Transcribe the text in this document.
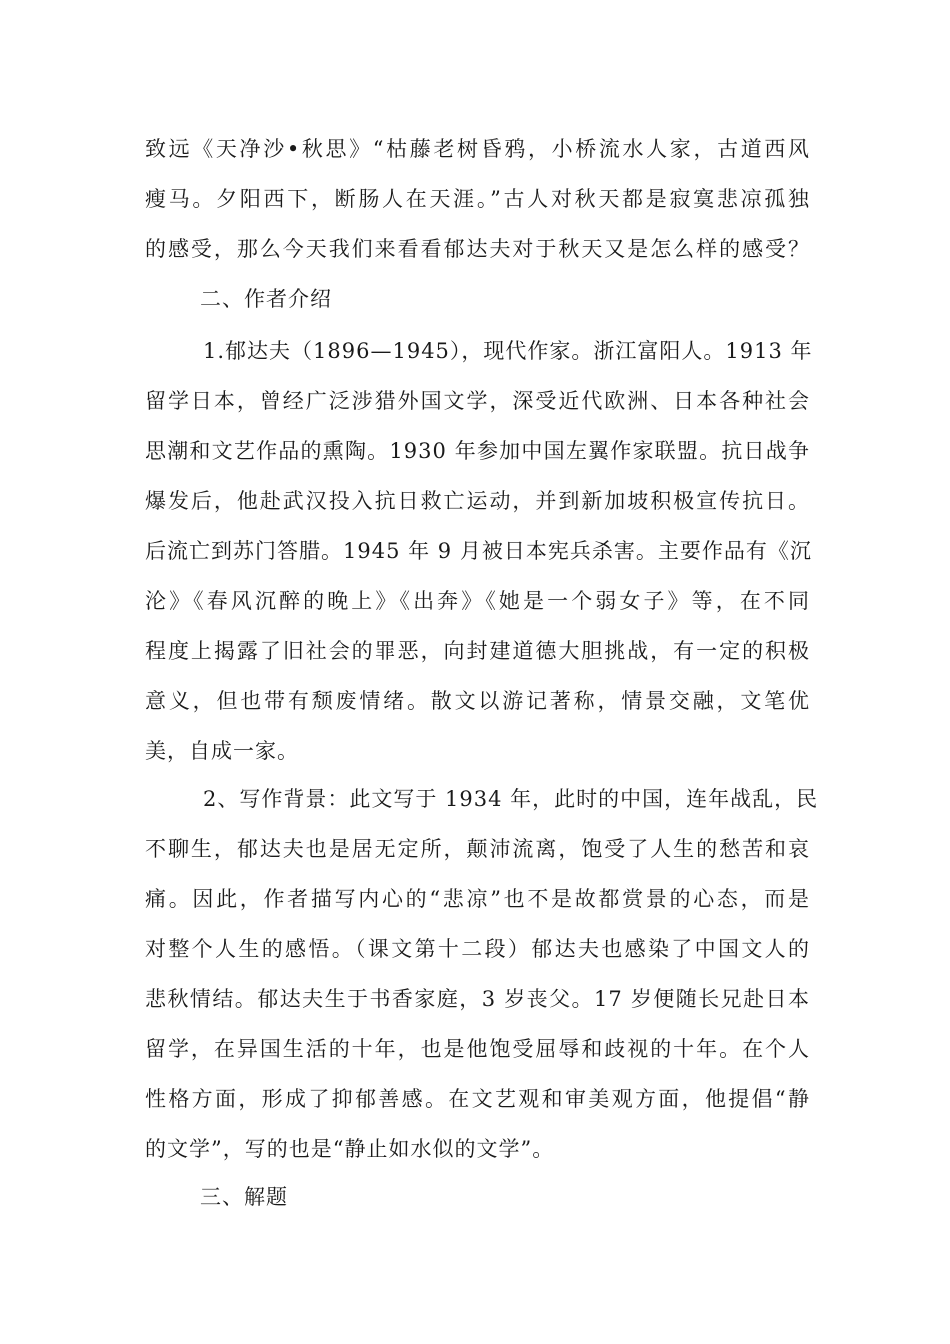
致远《天净沙•秋思》“枯藤老树昏鸦，小桥流水人家，古道西风
瘦马。夕阳西下，断肠人在天涯。”古人对秋天都是寂寞悲凉孤独
的感受，那么今天我们来看看郁达夫对于秋天又是怎么样的感受？
二、作者介绍
1.郁达夫（1896—1945），现代作家。浙江富阳人。1913 年
留学日本，曾经广泛涉猎外国文学，深受近代欧洲、日本各种社会
思潮和文艺作品的熏陶。1930 年参加中国左翼作家联盟。抗日战争
爆发后，他赴武汉投入抗日救亡运动，并到新加坡积极宣传抗日。
后流亡到苏门答腊。1945 年 9 月被日本宪兵杀害。主要作品有《沉
沦》《春风沉醉的晚上》《出奔》《她是一个弱女子》等，在不同
程度上揭露了旧社会的罪恶，向封建道德大胆挑战，有一定的积极
意义，但也带有颓废情绪。散文以游记著称，情景交融，文笔优
美，自成一家。
2、写作背景：此文写于 1934 年，此时的中国，连年战乱，民
不聊生，郁达夫也是居无定所，颠沛流离，饱受了人生的愁苦和哀
痛。因此，作者描写内心的“悲凉”也不是故都赏景的心态，而是
对整个人生的感悟。（课文第十二段）郁达夫也感染了中国文人的
悲秋情结。郁达夫生于书香家庭，3 岁丧父。17 岁便随长兄赴日本
留学，在异国生活的十年，也是他饱受屈辱和歧视的十年。在个人
性格方面，形成了抑郁善感。在文艺观和审美观方面，他提倡“静
的文学”，写的也是“静止如水似的文学”。
三、解题
